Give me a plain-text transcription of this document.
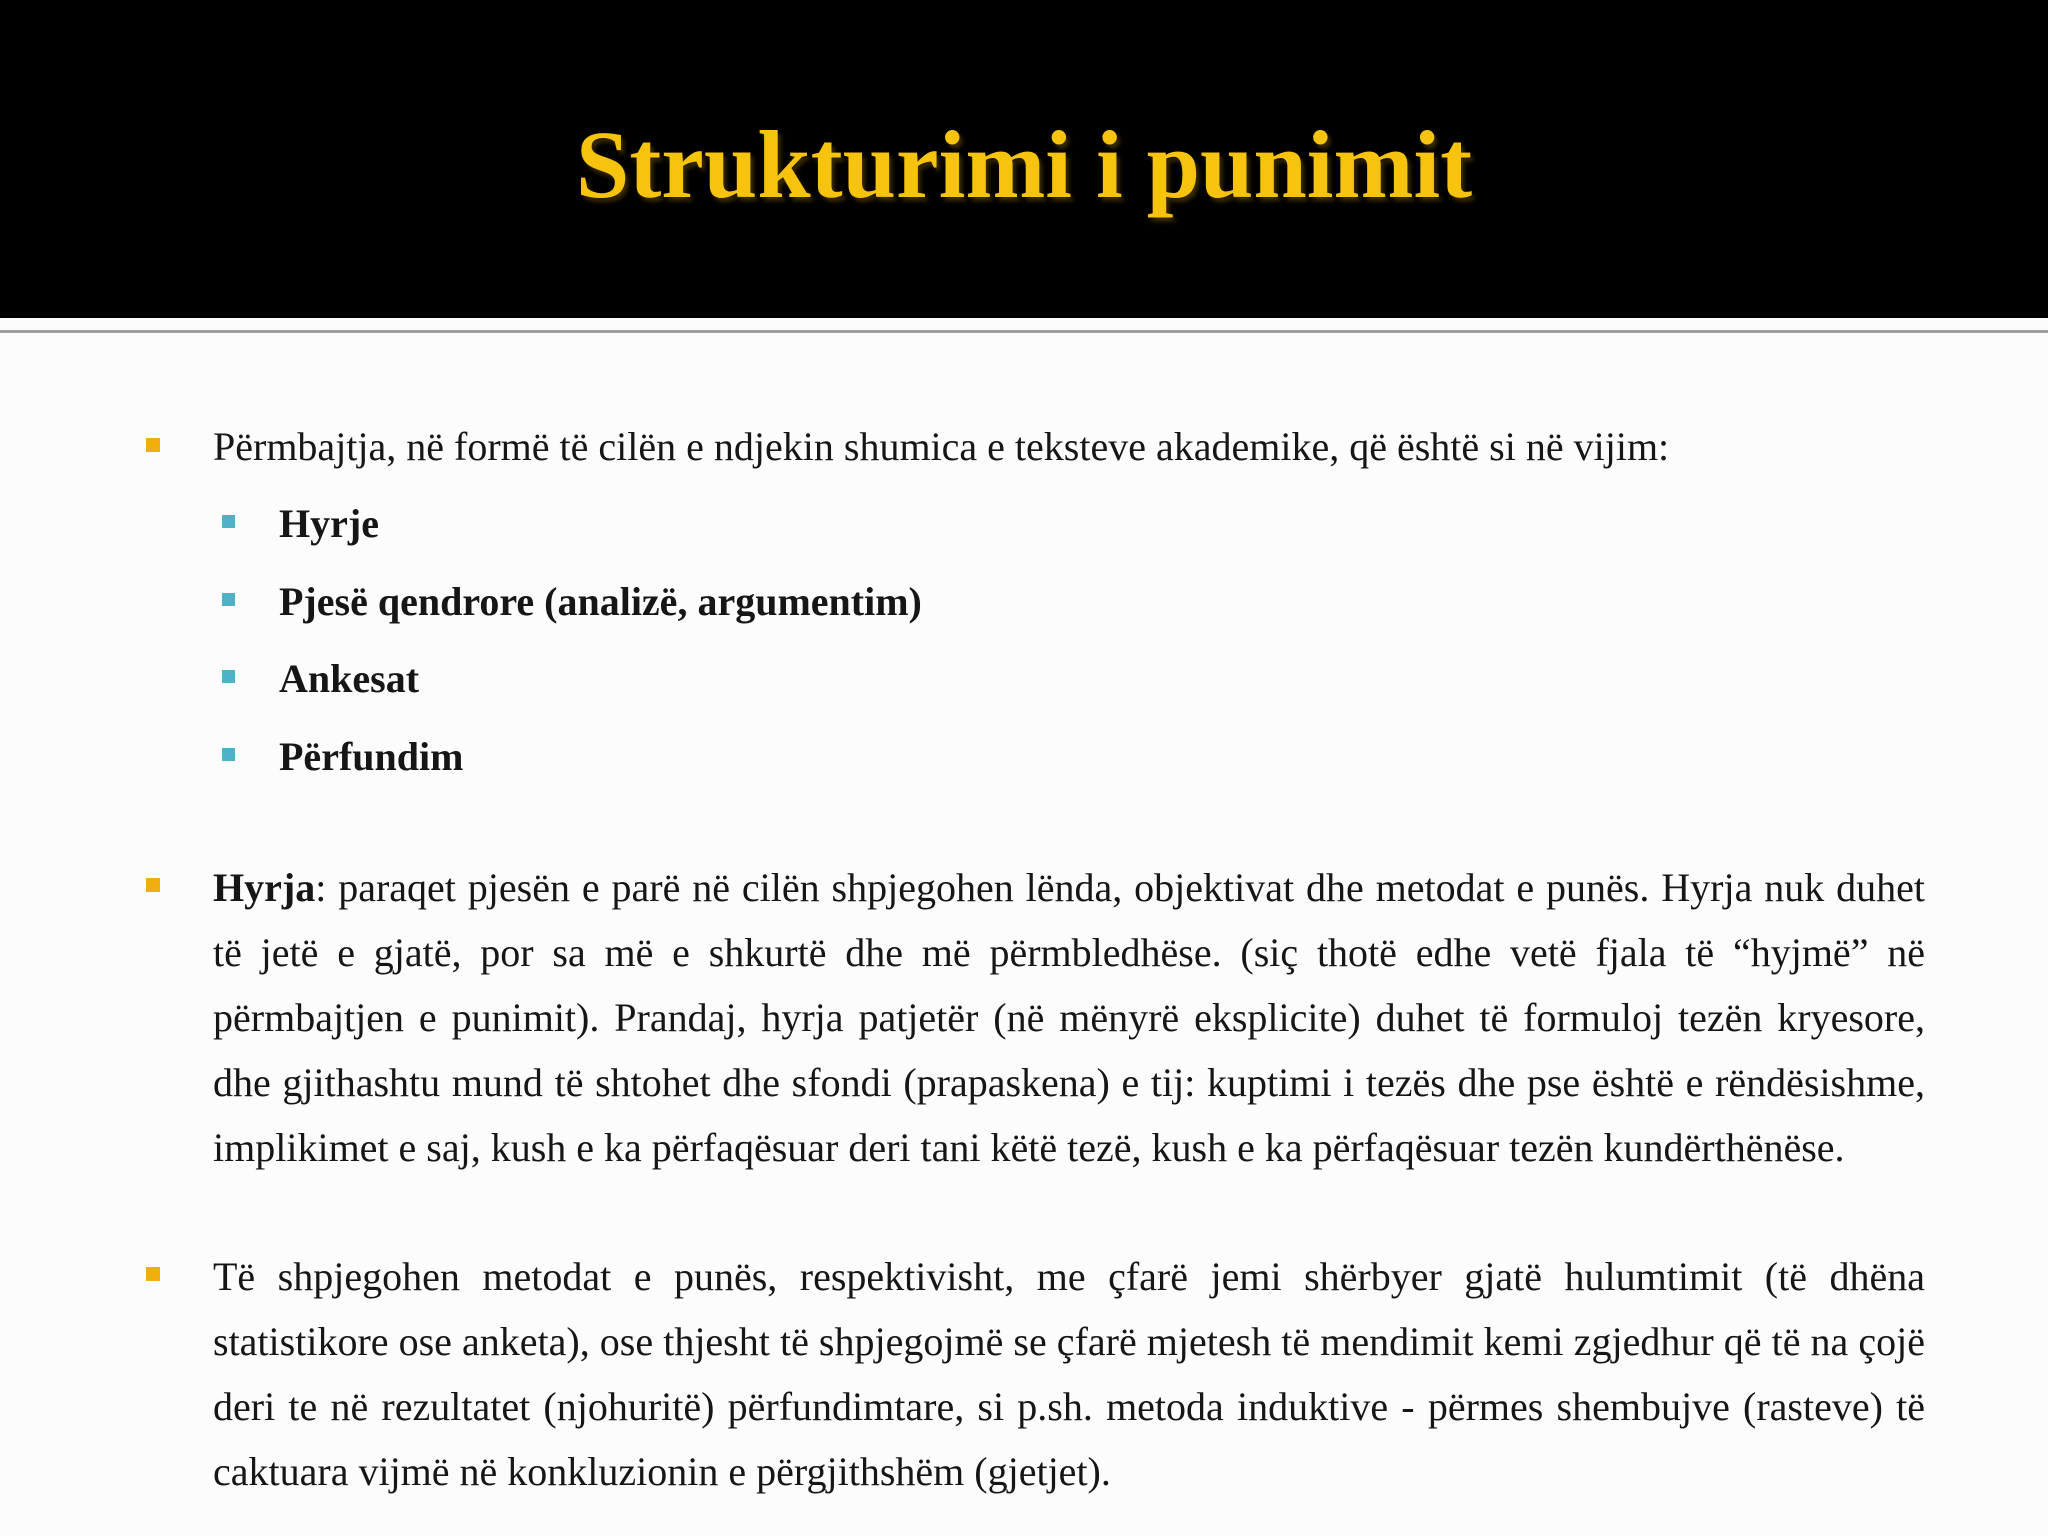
Strukturimi i punimit

Përmbajtja, në formë të cilën e ndjekin shumica e teksteve akademike, që është si në vijim:

Hyrje

Pjesë qendrore (analizë, argumentim)

Ankesat

Përfundim

Hyrja: paraqet pjesën e parë në cilën shpjegohen lënda, objektivat dhe metodat e punës. Hyrja nuk duhet të jetë e gjatë, por sa më e shkurtë dhe më përmbledhëse. (siç thotë edhe vetë fjala të “hyjmë” në përmbajtjen e punimit). Prandaj, hyrja patjetër (në mënyrë eksplicite) duhet të formuloj tezën kryesore, dhe gjithashtu mund të shtohet dhe sfondi (prapaskena) e tij: kuptimi i tezës dhe pse është e rëndësishme, implikimet e saj, kush e ka përfaqësuar deri tani këtë tezë, kush e ka përfaqësuar tezën kundërthënëse.

Të shpjegohen metodat e punës, respektivisht, me çfarë jemi shërbyer gjatë hulumtimit (të dhëna statistikore ose anketa), ose thjesht të shpjegojmë se çfarë mjetesh të mendimit kemi zgjedhur që të na çojë deri te në rezultatet (njohuritë) përfundimtare, si p.sh. metoda induktive - përmes shembujve (rasteve) të caktuara vijmë në konkluzionin e përgjithshëm (gjetjet).
